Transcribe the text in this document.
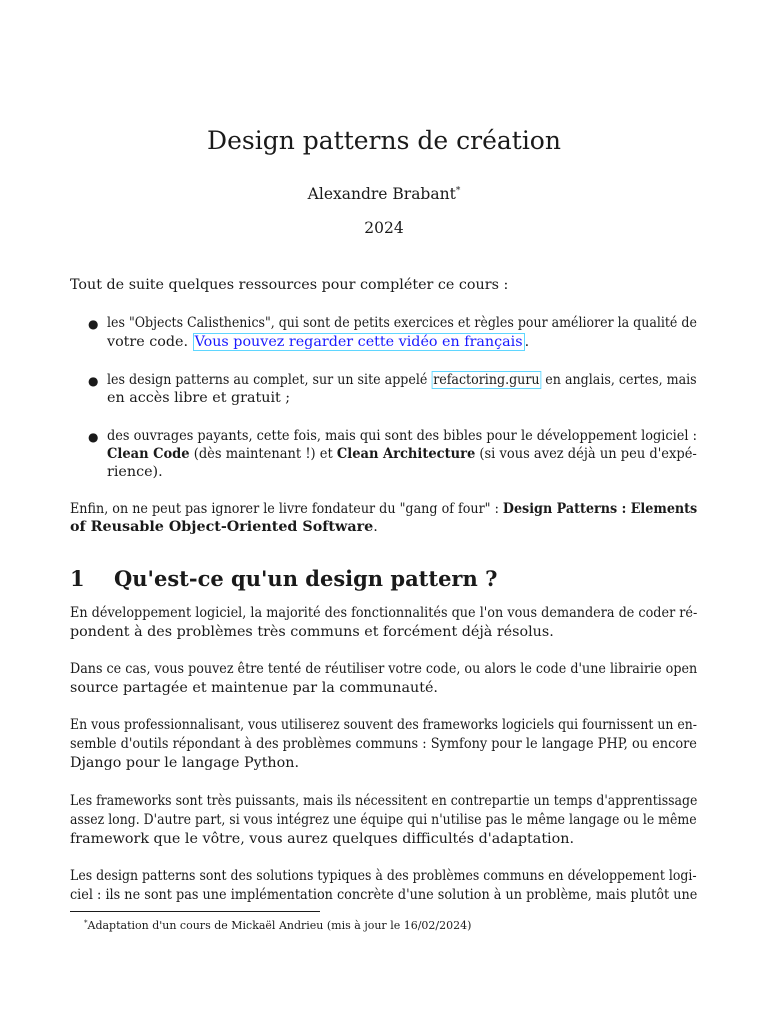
Design patterns de création
Alexandre Brabant*
2024
Tout de suite quelques ressources pour compléter ce cours :
● les "Objects Calisthenics", qui sont de petits exercices et règles pour améliorer la qualité de
votre code. Vous pouvez regarder cette vidéo en français .
● les design patterns au complet, sur un site appelé refactoring.guru en anglais, certes, mais
en accès libre et gratuit ;
● des ouvrages payants, cette fois, mais qui sont des bibles pour le développement logiciel :
Clean Code (dès maintenant !) et Clean Architecture (si vous avez déjà un peu d'expé-
rience).
Enfin, on ne peut pas ignorer le livre fondateur du "gang of four" : Design Patterns : Elements
of Reusable Object-Oriented Software.
1 Qu'est-ce qu'un design pattern ?
En développement logiciel, la majorité des fonctionnalités que l'on vous demandera de coder ré-
pondent à des problèmes très communs et forcément déjà résolus.
Dans ce cas, vous pouvez être tenté de réutiliser votre code, ou alors le code d'une librairie open
source partagée et maintenue par la communauté.
En vous professionnalisant, vous utiliserez souvent des frameworks logiciels qui fournissent un en-
semble d'outils répondant à des problèmes communs : Symfony pour le langage PHP, ou encore
Django pour le langage Python.
Les frameworks sont très puissants, mais ils nécessitent en contrepartie un temps d'apprentissage
assez long. D'autre part, si vous intégrez une équipe qui n'utilise pas le même langage ou le même
framework que le vôtre, vous aurez quelques difficultés d'adaptation.
Les design patterns sont des solutions typiques à des problèmes communs en développement logi-
ciel : ils ne sont pas une implémentation concrète d'une solution à un problème, mais plutôt une
*Adaptation d'un cours de Mickaël Andrieu (mis à jour le 16/02/2024)
